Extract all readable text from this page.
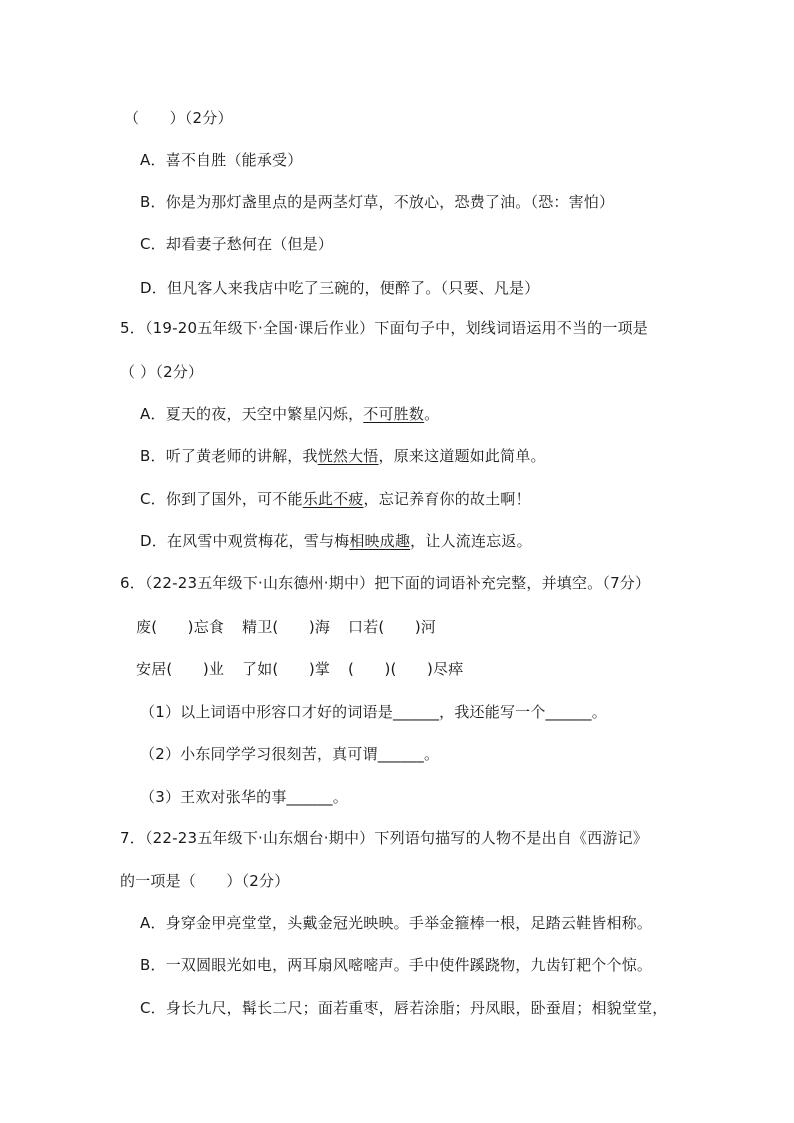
（　　）（2分）
A．喜不自胜（能承受）
B．你是为那灯盏里点的是两茎灯草，不放心，恐费了油。（恐：害怕）
C．却看妻子愁何在（但是）
D．但凡客人来我店中吃了三碗的，便醉了。（只要、凡是）
5．（19-20五年级下·全国·课后作业）下面句子中，划线词语运用不当的一项是
（ ）（2分）
A．夏天的夜，天空中繁星闪烁，不可胜数。
B．听了黄老师的讲解，我恍然大悟，原来这道题如此简单。
C．你到了国外，可不能乐此不疲，忘记养育你的故土啊！
D．在风雪中观赏梅花，雪与梅相映成趣，让人流连忘返。
6．（22-23五年级下·山东德州·期中）把下面的词语补充完整，并填空。（7分）
废(　　)忘食 精卫(　　)海 口若(　　)河
安居(　　)业 了如(　　)掌 (　　)(　　)尽瘁
（1）以上词语中形容口才好的词语是______，我还能写一个______。
（2）小东同学学习很刻苦，真可谓______。
（3）王欢对张华的事______。
7．（22-23五年级下·山东烟台·期中）下列语句描写的人物不是出自《西游记》
的一项是（　　）（2分）
A．身穿金甲亮堂堂，头戴金冠光映映。手举金箍棒一根，足踏云鞋皆相称。
B．一双圆眼光如电，两耳扇风嘧嘧声。手中使件蹊跷物，九齿钉耙个个惊。
C．身长九尺，髯长二尺；面若重枣，唇若涂脂；丹凤眼，卧蚕眉；相貌堂堂，
